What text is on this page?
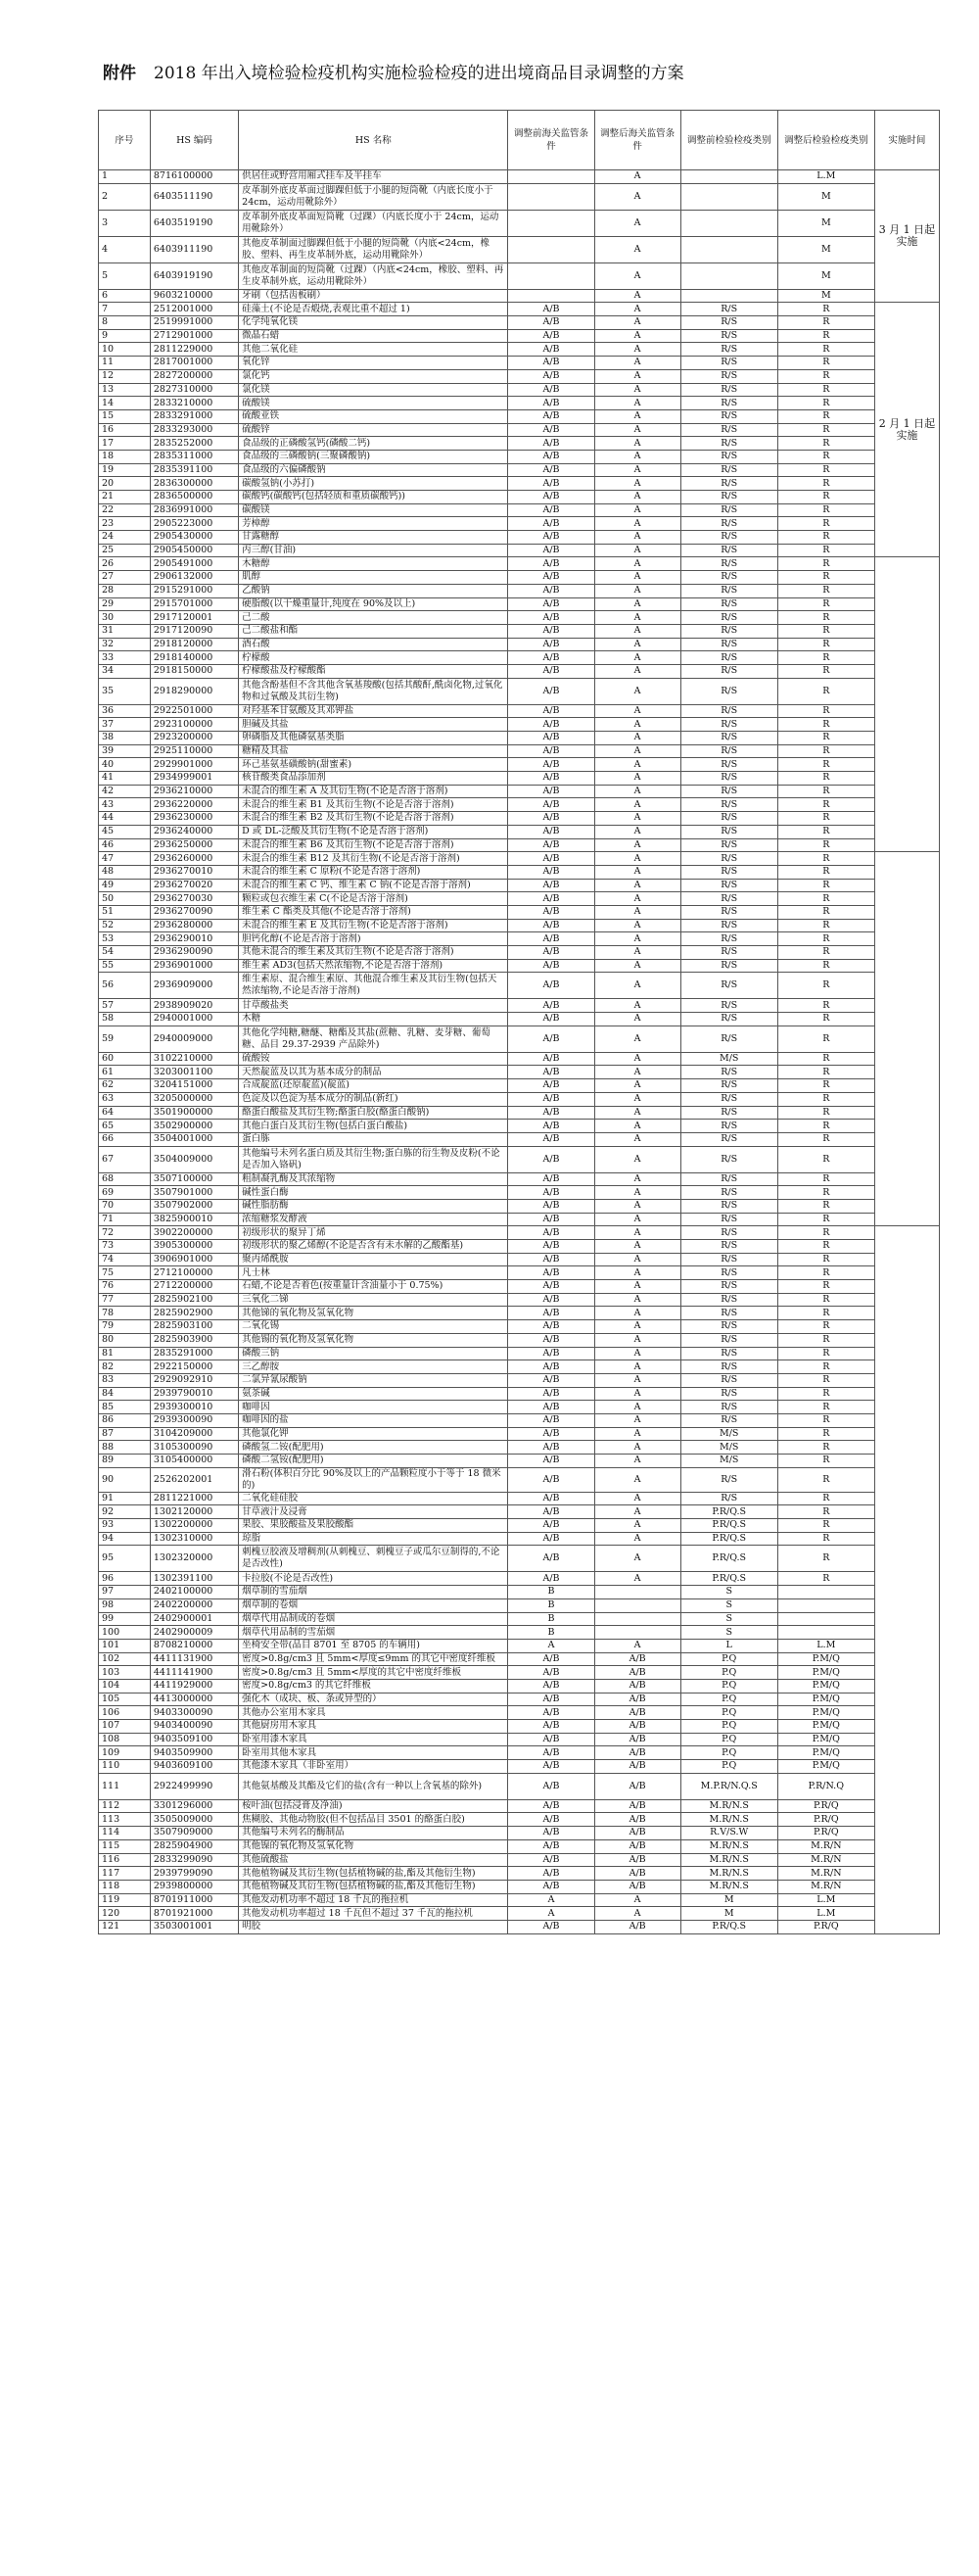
附件 2018 年出入境检验检疫机构实施检验检疫的进出境商品目录调整的方案
序号	HS 编码	HS 名称	调整前海关监管条件	调整后海关监管条件	调整前检验检疫类别	调整后检验检疫类别	实施时间
1	8716100000	供居住或野营用厢式挂车及半挂车		A		L.M	3 月 1 日起实施
2	6403511190	皮革制外底皮革面过脚踝但低于小腿的短筒靴（内底长度小于 24cm，运动用靴除外）		A		M	
3	6403519190	皮革制外底皮革面短筒靴（过踝）（内底长度小于 24cm，运动用靴除外）		A		M	
4	6403911190	其他皮革制面过脚踝但低于小腿的短筒靴（内底<24cm，橡胶、塑料、再生皮革制外底，运动用靴除外）		A		M	
5	6403919190	其他皮革制面的短筒靴（过踝）（内底<24cm，橡胶、塑料、再生皮革制外底，运动用靴除外）		A		M	
6	9603210000	牙刷（包括齿板刷）		A		M	
7	2512001000	硅藻土(不论是否煅烧,表观比重不超过 1)	A/B	A	R/S	R	2 月 1 日起实施
8	2519991000	化学纯氧化镁	A/B	A	R/S	R	
9	2712901000	微晶石蜡	A/B	A	R/S	R	
10	2811229000	其他二氧化硅	A/B	A	R/S	R	
11	2817001000	氧化锌	A/B	A	R/S	R	
12	2827200000	氯化钙	A/B	A	R/S	R	
13	2827310000	氯化镁	A/B	A	R/S	R	
14	2833210000	硫酸镁	A/B	A	R/S	R	
15	2833291000	硫酸亚铁	A/B	A	R/S	R	
16	2833293000	硫酸锌	A/B	A	R/S	R	
17	2835252000	食品级的正磷酸氢钙(磷酸二钙)	A/B	A	R/S	R	
18	2835311000	食品级的三磷酸钠(三聚磷酸钠)	A/B	A	R/S	R	
19	2835391100	食品级的六偏磷酸钠	A/B	A	R/S	R	
20	2836300000	碳酸氢钠(小苏打)	A/B	A	R/S	R	
21	2836500000	碳酸钙(碳酸钙(包括轻质和重质碳酸钙))	A/B	A	R/S	R	
22	2836991000	碳酸镁	A/B	A	R/S	R	
23	2905223000	芳樟醇	A/B	A	R/S	R	
24	2905430000	甘露糖醇	A/B	A	R/S	R	
25	2905450000	丙三醇(甘油)	A/B	A	R/S	R	
26	2905491000	木糖醇	A/B	A	R/S	R	
27	2906132000	肌醇	A/B	A	R/S	R	
28	2915291000	乙酸钠	A/B	A	R/S	R	
29	2915701000	硬脂酸(以干燥重量计,纯度在 90%及以上)	A/B	A	R/S	R	
30	2917120001	己二酸	A/B	A	R/S	R	
31	2917120090	己二酸盐和酯	A/B	A	R/S	R	
32	2918120000	酒石酸	A/B	A	R/S	R	
33	2918140000	柠檬酸	A/B	A	R/S	R	
34	2918150000	柠檬酸盐及柠檬酸酯	A/B	A	R/S	R	
35	2918290000	其他含酚基但不含其他含氧基羧酸(包括其酸酐,酰卤化物,过氧化物和过氧酸及其衍生物)	A/B	A	R/S	R	
36	2922501000	对羟基苯甘氨酸及其邓钾盐	A/B	A	R/S	R	
37	2923100000	胆碱及其盐	A/B	A	R/S	R	
38	2923200000	卵磷脂及其他磷氨基类脂	A/B	A	R/S	R	
39	2925110000	糖精及其盐	A/B	A	R/S	R	
40	2929901000	环己基氨基磺酸钠(甜蜜素)	A/B	A	R/S	R	
41	2934999001	核苷酸类食品添加剂	A/B	A	R/S	R	
42	2936210000	未混合的维生素 A 及其衍生物(不论是否溶于溶剂)	A/B	A	R/S	R	
43	2936220000	未混合的维生素 B1 及其衍生物(不论是否溶于溶剂)	A/B	A	R/S	R	
44	2936230000	未混合的维生素 B2 及其衍生物(不论是否溶于溶剂)	A/B	A	R/S	R	
45	2936240000	D 或 DL-泛酸及其衍生物(不论是否溶于溶剂)	A/B	A	R/S	R	
46	2936250000	未混合的维生素 B6 及其衍生物(不论是否溶于溶剂)	A/B	A	R/S	R	
47	2936260000	未混合的维生素 B12 及其衍生物(不论是否溶于溶剂)	A/B	A	R/S	R	
48	2936270010	未混合的维生素 C 原粉(不论是否溶于溶剂)	A/B	A	R/S	R	
49	2936270020	未混合的维生素 C 钙、维生素 C 钠(不论是否溶于溶剂)	A/B	A	R/S	R	
50	2936270030	颗粒或包衣维生素 C(不论是否溶于溶剂)	A/B	A	R/S	R	
51	2936270090	维生素 C 酯类及其他(不论是否溶于溶剂)	A/B	A	R/S	R	
52	2936280000	未混合的维生素 E 及其衍生物(不论是否溶于溶剂)	A/B	A	R/S	R	
53	2936290010	胆钙化醇(不论是否溶于溶剂)	A/B	A	R/S	R	
54	2936290090	其他未混合的维生素及其衍生物(不论是否溶于溶剂)	A/B	A	R/S	R	
55	2936901000	维生素 AD3(包括天然浓缩物,不论是否溶于溶剂)	A/B	A	R/S	R	
56	2936909000	维生素原、混合维生素原、其他混合维生素及其衍生物(包括天然浓缩物,不论是否溶于溶剂)	A/B	A	R/S	R	
57	2938909020	甘草酸盐类	A/B	A	R/S	R	
58	2940001000	木糖	A/B	A	R/S	R	
59	2940009000	其他化学纯糖,糖醚、糖酯及其盐(蔗糖、乳糖、麦芽糖、葡萄糖、品目 29.37-2939 产品除外)	A/B	A	R/S	R	
60	3102210000	硫酸铵	A/B	A	M/S	R	
61	3203001100	天然靛蓝及以其为基本成分的制品	A/B	A	R/S	R	
62	3204151000	合成靛蓝(还原靛蓝)(靛蓝)	A/B	A	R/S	R	
63	3205000000	色淀及以色淀为基本成分的制品(新红)	A/B	A	R/S	R	
64	3501900000	酪蛋白酸盐及其衍生物;酪蛋白胶(酪蛋白酸钠)	A/B	A	R/S	R	
65	3502900000	其他白蛋白及其衍生物(包括白蛋白酸盐)	A/B	A	R/S	R	
66	3504001000	蛋白胨	A/B	A	R/S	R	
67	3504009000	其他编号未列名蛋白质及其衍生物;蛋白胨的衍生物及皮粉(不论是否加入铬矾)	A/B	A	R/S	R	
68	3507100000	粗制凝乳酶及其浓缩物	A/B	A	R/S	R	
69	3507901000	碱性蛋白酶	A/B	A	R/S	R	
70	3507902000	碱性脂肪酶	A/B	A	R/S	R	
71	3825900010	浓缩糖浆发酵液	A/B	A	R/S	R	
72	3902200000	初级形状的聚异丁烯	A/B	A	R/S	R	
73	3905300000	初级形状的聚乙烯醇(不论是否含有未水解的乙酸酯基)	A/B	A	R/S	R	
74	3906901000	聚丙烯酰胺	A/B	A	R/S	R	
75	2712100000	凡士林	A/B	A	R/S	R	
76	2712200000	石蜡,不论是否着色(按重量计含油量小于 0.75%)	A/B	A	R/S	R	
77	2825902100	三氧化二锑	A/B	A	R/S	R	
78	2825902900	其他锑的氧化物及氢氧化物	A/B	A	R/S	R	
79	2825903100	二氧化锡	A/B	A	R/S	R	
80	2825903900	其他锡的氧化物及氢氧化物	A/B	A	R/S	R	
81	2835291000	磷酸三钠	A/B	A	R/S	R	
82	2922150000	三乙醇胺	A/B	A	R/S	R	
83	2929092910	二氯异氰尿酸钠	A/B	A	R/S	R	
84	2939790010	氨茶碱	A/B	A	R/S	R	
85	2939300010	咖啡因	A/B	A	R/S	R	
86	2939300090	咖啡因的盐	A/B	A	R/S	R	
87	3104209000	其他氯化钾	A/B	A	M/S	R	
88	3105300090	磷酸氢二铵(配肥用)	A/B	A	M/S	R	
89	3105400000	磷酸二氢铵(配肥用)	A/B	A	M/S	R	
90	2526202001	滑石粉(体积百分比 90%及以上的产品颗粒度小于等于 18 微米的)	A/B	A	R/S	R	
91	2811221000	二氧化硅硅胶	A/B	A	R/S	R	
92	1302120000	甘草液汁及浸膏	A/B	A	P.R/Q.S	R	
93	1302200000	果胶、果胶酸盐及果胶酸酯	A/B	A	P.R/Q.S	R	
94	1302310000	琼脂	A/B	A	P.R/Q.S	R	
95	1302320000	刺槐豆胶液及增稠剂(从刺槐豆、刺槐豆子或瓜尔豆制得的,不论是否改性)	A/B	A	P.R/Q.S	R	
96	1302391100	卡拉胶(不论是否改性)	A/B	A	P.R/Q.S	R	
97	2402100000	烟草制的雪茄烟	B		S		
98	2402200000	烟草制的卷烟	B		S		
99	2402900001	烟草代用品制成的卷烟	B		S		
100	2402900009	烟草代用品制的雪茄烟	B		S		
101	8708210000	坐椅安全带(品目 8701 至 8705 的车辆用)	A	A	L	L.M	
102	4411131900	密度>0.8g/cm3 且 5mm<厚度≤9mm 的其它中密度纤维板	A/B	A/B	P.Q	P.M/Q	
103	4411141900	密度>0.8g/cm3 且 5mm<厚度的其它中密度纤维板	A/B	A/B	P.Q	P.M/Q	
104	4411929000	密度>0.8g/cm3 的其它纤维板	A/B	A/B	P.Q	P.M/Q	
105	4413000000	强化木（成块、板、条或异型的）	A/B	A/B	P.Q	P.M/Q	
106	9403300090	其他办公室用木家具	A/B	A/B	P.Q	P.M/Q	
107	9403400090	其他厨房用木家具	A/B	A/B	P.Q	P.M/Q	
108	9403509100	卧室用漆木家具	A/B	A/B	P.Q	P.M/Q	
109	9403509900	卧室用其他木家具	A/B	A/B	P.Q	P.M/Q	
110	9403609100	其他漆木家具（非卧室用）	A/B	A/B	P.Q	P.M/Q	
111	2922499990	其他氨基酸及其酯及它们的盐(含有一种以上含氧基的除外)	A/B	A/B	M.P.R/N.Q.S	P.R/N.Q	
112	3301296000	桉叶油(包括浸膏及净油)	A/B	A/B	M.R/N.S	P.R/Q	
113	3505009000	焦糊胶、其他动物胶(但不包括品目 3501 的酪蛋白胶)	A/B	A/B	M.R/N.S	P.R/Q	
114	3507909000	其他编号未列名的酶制品	A/B	A/B	R.V/S.W	P.R/Q	
115	2825904900	其他镍的氧化物及氢氧化物	A/B	A/B	M.R/N.S	M.R/N	
116	2833299090	其他硫酸盐	A/B	A/B	M.R/N.S	M.R/N	
117	2939799090	其他植物碱及其衍生物(包括植物碱的盐,酯及其他衍生物)	A/B	A/B	M.R/N.S	M.R/N	
118	2939800000	其他植物碱及其衍生物(包括植物碱的盐,酯及其他衍生物)	A/B	A/B	M.R/N.S	M.R/N	
119	8701911000	其他发动机功率不超过 18 千瓦的拖拉机	A	A	M	L.M	
120	8701921000	其他发动机功率超过 18 千瓦但不超过 37 千瓦的拖拉机	A	A	M	L.M	
121	3503001001	明胶	A/B	A/B	P.R/Q.S	P.R/Q	
